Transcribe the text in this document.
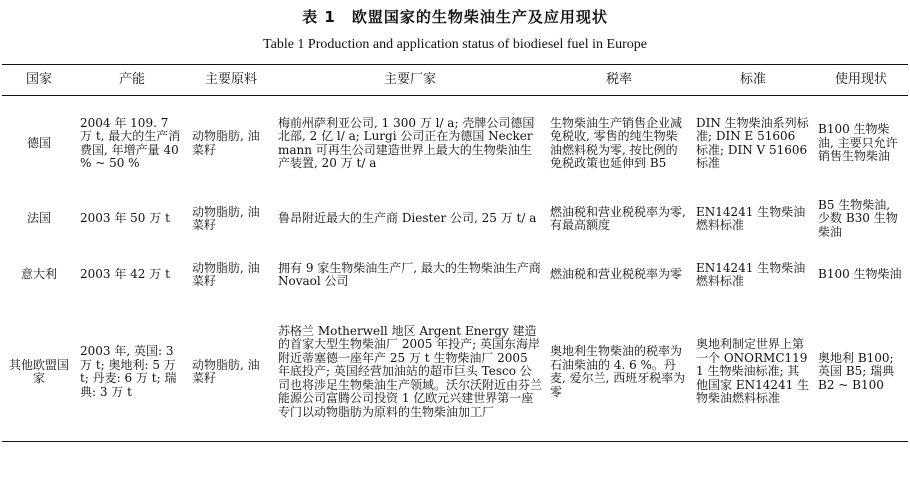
表 1　欧盟国家的生物柴油生产及应用现状
Table 1 Production and application status of biodiesel fuel in Europe
国家	产能	主要原料	主要厂家	税率	标准	使用现状
德国	2004 年 109. 7 万 t, 最大的生产消费国, 年增产量 40 % ~ 50 %	动物脂肪, 油菜籽	梅前州萨利亚公司, 1 300 万 l/ a; 壳牌公司德国北部, 2 亿 l/ a; Lurgi 公司正在为德国 Neckermann 可再生公司建造世界上最大的生物柴油生产装置, 20 万 t/ a	生物柴油生产销售企业减免税收, 零售的纯生物柴油燃料税为零, 按比例的免税政策也延伸到 B5	DIN 生物柴油系列标准; DIN E 51606 标准; DIN V 51606标准	B100 生物柴油, 主要只允许销售生物柴油
法国	2003 年 50 万 t	动物脂肪, 油菜籽	鲁昂附近最大的生产商 Diester 公司, 25 万 t/ a	燃油税和营业税税率为零, 有最高额度	EN14241 生物柴油燃料标准	B5 生物柴油, 少数 B30 生物柴油
意大利	2003 年 42 万 t	动物脂肪, 油菜籽	拥有 9 家生物柴油生产厂, 最大的生物柴油生产商 Novaol 公司	燃油税和营业税税率为零	EN14241 生物柴油燃料标准	B100 生物柴油
其他欧盟国家	2003 年, 英国: 3 万 t; 奥地利: 5 万 t; 丹麦: 6 万 t; 瑞典: 3 万 t	动物脂肪, 油菜籽	苏格兰 Motherwell 地区 Argent Energy 建造的首家大型生物柴油厂 2005 年投产; 英国东海岸附近蒂塞德一座年产 25 万 t 生物柴油厂 2005 年底投产; 英国经营加油站的超市巨头 Tesco 公司也将涉足生物柴油生产领域。沃尔沃附近由芬兰能源公司富腾公司投资 1 亿欧元兴建世界第一座专门以动物脂肪为原料的生物柴油加工厂	奥地利生物柴油的税率为石油柴油的 4. 6 %。丹麦, 爱尔兰, 西班牙税率为零	奥地利制定世界上第一个 ONORMC1191 生物柴油标准; 其他国家 EN14241 生物柴油燃料标准	奥地利 B100; 英国 B5; 瑞典 B2 ~ B100
